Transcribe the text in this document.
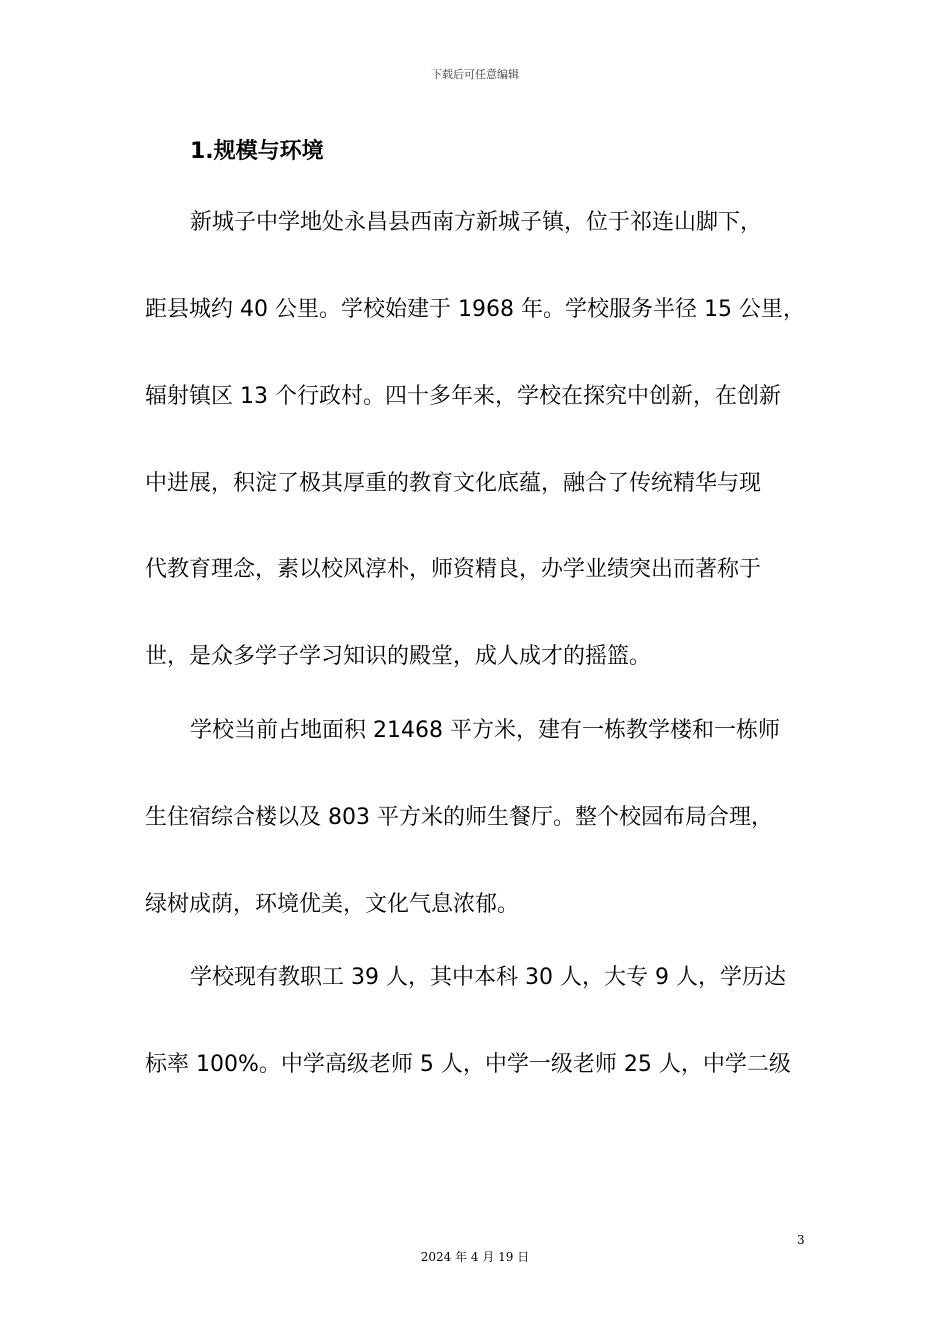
下载后可任意编辑
1.规模与环境
新城子中学地处永昌县西南方新城子镇，位于祁连山脚下，
距县城约 40 公里。学校始建于 1968 年。学校服务半径 15 公里，
辐射镇区 13 个行政村。四十多年来，学校在探究中创新，在创新
中进展，积淀了极其厚重的教育文化底蕴，融合了传统精华与现
代教育理念，素以校风淳朴，师资精良，办学业绩突出而著称于
世，是众多学子学习知识的殿堂，成人成才的摇篮。
学校当前占地面积 21468 平方米，建有一栋教学楼和一栋师
生住宿综合楼以及 803 平方米的师生餐厅。整个校园布局合理，
绿树成荫，环境优美，文化气息浓郁。
学校现有教职工 39 人，其中本科 30 人，大专 9 人，学历达
标率 100%。中学高级老师 5 人，中学一级老师 25 人，中学二级
3
2024 年 4 月 19 日
